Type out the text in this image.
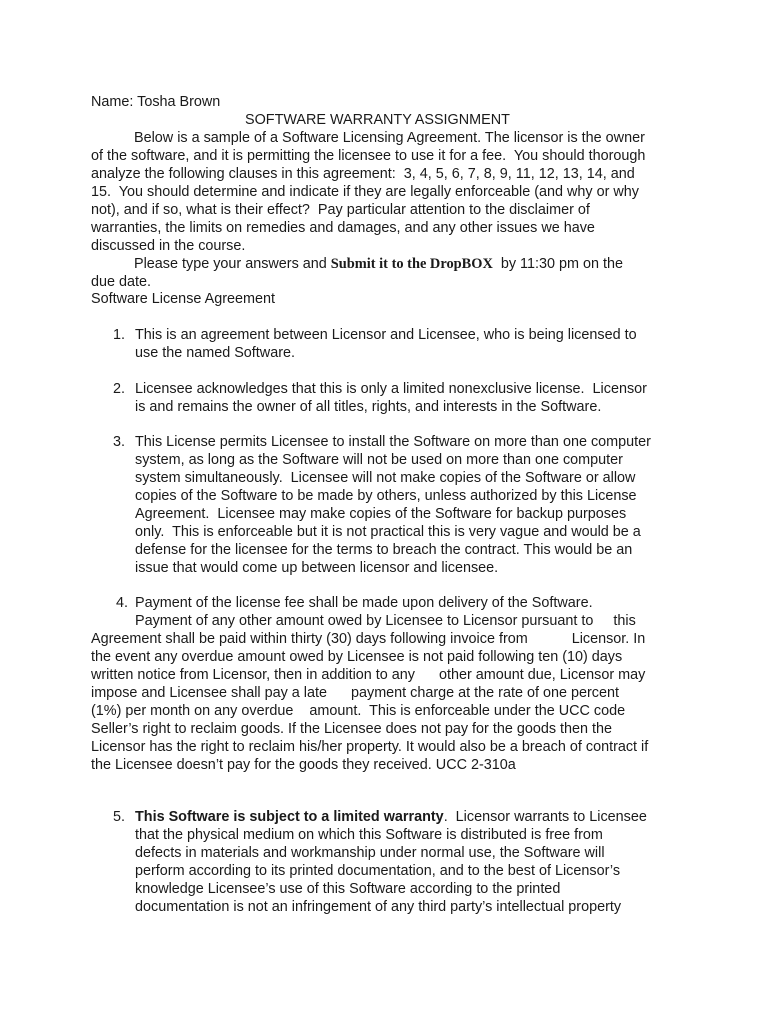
Name: Tosha Brown
SOFTWARE WARRANTY ASSIGNMENT
Below is a sample of a Software Licensing Agreement. The licensor is the owner
of the software, and it is permitting the licensee to use it for a fee.  You should thorough
analyze the following clauses in this agreement:  3, 4, 5, 6, 7, 8, 9, 11, 12, 13, 14, and
15.  You should determine and indicate if they are legally enforceable (and why or why
not), and if so, what is their effect?  Pay particular attention to the disclaimer of
warranties, the limits on remedies and damages, and any other issues we have
discussed in the course.
Please type your answers and Submit it to the DropBOX  by 11:30 pm on the
due date.
Software License Agreement
1. This is an agreement between Licensor and Licensee, who is being licensed to
use the named Software.
2. Licensee acknowledges that this is only a limited nonexclusive license.  Licensor
is and remains the owner of all titles, rights, and interests in the Software.
3. This License permits Licensee to install the Software on more than one computer
system, as long as the Software will not be used on more than one computer
system simultaneously.  Licensee will not make copies of the Software or allow
copies of the Software to be made by others, unless authorized by this License
Agreement.  Licensee may make copies of the Software for backup purposes
only.  This is enforceable but it is not practical this is very vague and would be a
defense for the licensee for the terms to breach the contract. This would be an
issue that would come up between licensor and licensee.
4. Payment of the license fee shall be made upon delivery of the Software.
Payment of any other amount owed by Licensee to Licensor pursuant to     this
Agreement shall be paid within thirty (30) days following invoice from           Licensor. In
the event any overdue amount owed by Licensee is not paid following ten (10) days
written notice from Licensor, then in addition to any      other amount due, Licensor may
impose and Licensee shall pay a late      payment charge at the rate of one percent
(1%) per month on any overdue    amount.  This is enforceable under the UCC code
Seller’s right to reclaim goods. If the Licensee does not pay for the goods then the
Licensor has the right to reclaim his/her property. It would also be a breach of contract if
the Licensee doesn’t pay for the goods they received. UCC 2-310a
5. This Software is subject to a limited warranty.  Licensor warrants to Licensee
that the physical medium on which this Software is distributed is free from
defects in materials and workmanship under normal use, the Software will
perform according to its printed documentation, and to the best of Licensor’s
knowledge Licensee’s use of this Software according to the printed
documentation is not an infringement of any third party’s intellectual property
